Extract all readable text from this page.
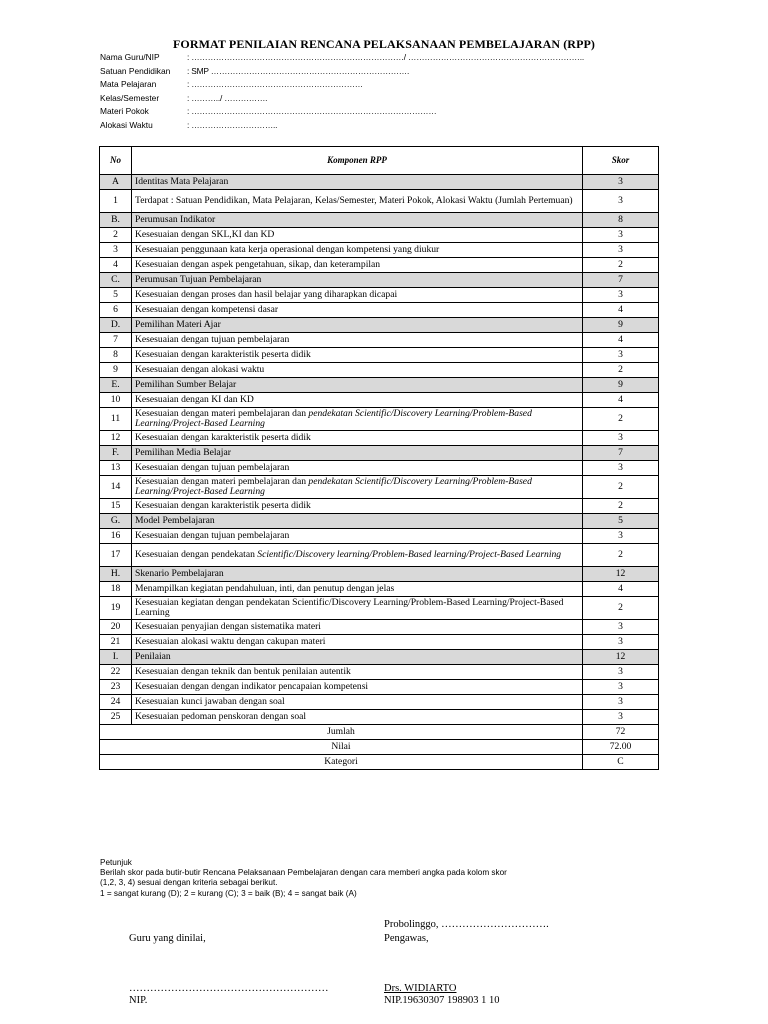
FORMAT PENILAIAN RENCANA PELAKSANAAN PEMBELAJARAN (RPP)
Nama Guru/NIP	: ……………………………………………………………………/ ………………………………………………………..
Satuan Pendidikan	: SMP ……………………………………………………………….
Mata Pelajaran	: ………………………………………………………
Kelas/Semester	: ………../ …………….
Materi Pokok	: ………………………………………………………………………………
Alokasi Waktu	: …………………………..
No	Komponen RPP	Skor
A	Identitas Mata Pelajaran	3
1	Terdapat : Satuan Pendidikan, Mata Pelajaran, Kelas/Semester, Materi Pokok, Alokasi Waktu (Jumlah Pertemuan)	3
B.	Perumusan Indikator	8
2	Kesesuaian dengan SKL,KI dan KD	3
3	Kesesuaian penggunaan kata kerja operasional dengan kompetensi yang diukur	3
4	Kesesuaian dengan aspek pengetahuan, sikap, dan keterampilan	2
C.	Perumusan Tujuan Pembelajaran	7
5	Kesesuaian dengan proses dan hasil belajar yang diharapkan dicapai	3
6	Kesesuaian dengan kompetensi dasar	4
D.	Pemilihan Materi Ajar	9
7	Kesesuaian dengan tujuan pembelajaran	4
8	Kesesuaian dengan karakteristik peserta didik	3
9	Kesesuaian dengan alokasi waktu	2
E.	Pemilihan Sumber Belajar	9
10	Kesesuaian dengan KI dan KD	4
11	Kesesuaian dengan materi pembelajaran dan pendekatan Scientific/Discovery Learning/Problem-Based Learning/Project-Based Learning	2
12	Kesesuaian dengan karakteristik peserta didik	3
F.	Pemilihan Media Belajar	7
13	Kesesuaian dengan tujuan pembelajaran	3
14	Kesesuaian dengan materi pembelajaran dan pendekatan Scientific/Discovery Learning/Problem-Based Learning/Project-Based Learning	2
15	Kesesuaian dengan karakteristik peserta didik	2
G.	Model Pembelajaran	5
16	Kesesuaian dengan tujuan pembelajaran	3
17	Kesesuaian dengan pendekatan Scientific/Discovery learning/Problem-Based learning/Project-Based Learning	2
H.	Skenario Pembelajaran	12
18	Menampilkan kegiatan pendahuluan, inti, dan penutup dengan jelas	4
19	Kesesuaian kegiatan dengan pendekatan Scientific/Discovery Learning/Problem-Based Learning/Project-Based Learning	2
20	Kesesuaian penyajian dengan sistematika materi	3
21	Kesesuaian alokasi waktu dengan cakupan materi	3
I.	Penilaian	12
22	Kesesuaian dengan teknik dan bentuk penilaian autentik	3
23	Kesesuaian dengan dengan indikator pencapaian kompetensi	3
24	Kesesuaian kunci jawaban dengan soal	3
25	Kesesuaian pedoman penskoran dengan soal	3
Jumlah		72
Nilai		72.00
Kategori		C
Petunjuk
Berilah skor pada butir-butir Rencana Pelaksanaan Pembelajaran dengan cara memberi angka pada kolom skor
(1,2, 3, 4) sesuai dengan kriteria sebagai berikut.
1 = sangat kurang (D); 2 = kurang (C); 3 = baik (B); 4 = sangat baik (A)
Probolinggo, ………………………….
Guru yang dinilai,	Pengawas,
…………………………………………………
NIP.
Drs. WIDIARTO
NIP.19630307 198903 1 10
